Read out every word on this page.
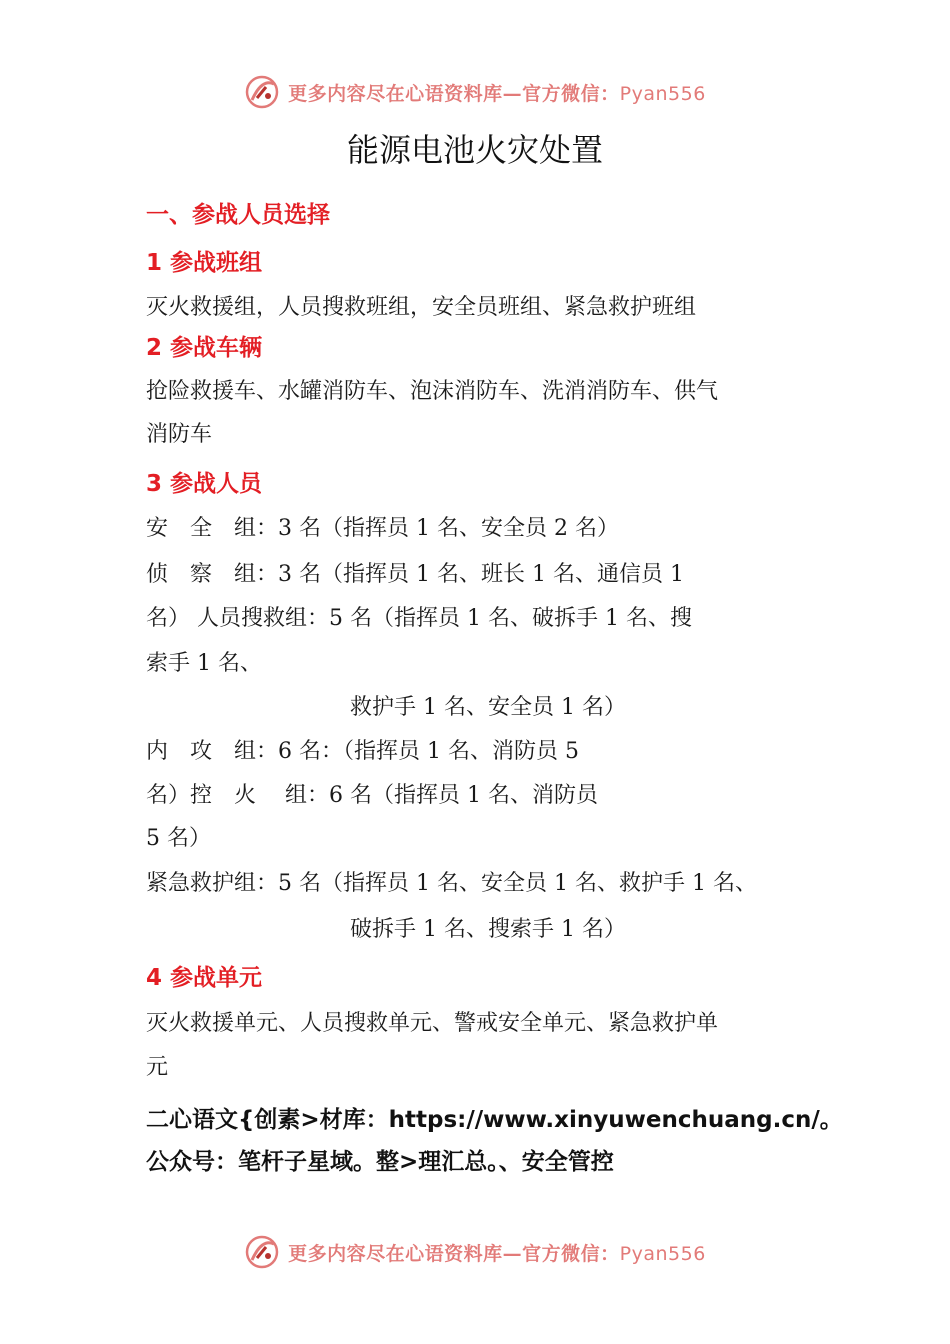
更多内容尽在心语资料库—官方微信：Pyan556
能源电池火灾处置
一、参战人员选择
1 参战班组

灭火救援组，人员搜救班组，安全员班组、紧急救护班组

2 参战车辆

抢险救援车、水罐消防车、泡沫消防车、洗消消防车、供气

消防车

3 参战人员

安　全　组：3 名（指挥员 1 名、安全员 2 名）

侦　察　组：3 名（指挥员 1 名、班长 1 名、通信员 1

名） 人员搜救组：5 名（指挥员 1 名、破拆手 1 名、搜

索手 1 名、

救护手 1 名、安全员 1 名）

内　攻　组：6 名：（指挥员 1 名、消防员 5

名）控　火　 组：6 名（指挥员 1 名、消防员

5 名）

紧急救护组：5 名（指挥员 1 名、安全员 1 名、救护手 1 名、

破拆手 1 名、搜索手 1 名）

4 参战单元

灭火救援单元、人员搜救单元、警戒安全单元、紧急救护单

元

二心语文{创素>材库：https://www.xinyuwenchuang.cn/。

公众号：笔杆子星域。整>理汇总。、安全管控

更多内容尽在心语资料库—官方微信：Pyan556
